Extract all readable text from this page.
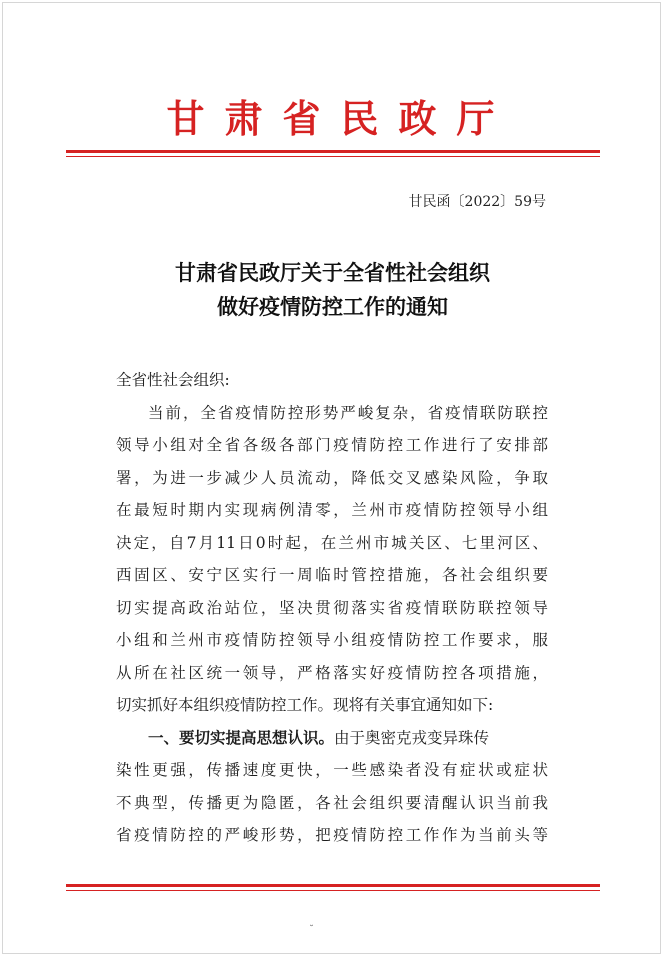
甘肃省民政厅
甘民函〔2022〕59号
甘肃省民政厅关于全省性社会组织
做好疫情防控工作的通知
全省性社会组织:
当前，全省疫情防控形势严峻复杂，省疫情联防联控
领导小组对全省各级各部门疫情防控工作进行了安排部
署，为进一步减少人员流动，降低交叉感染风险，争取
在最短时期内实现病例清零，兰州市疫情防控领导小组
决定，自7月11日0时起，在兰州市城关区、七里河区、
西固区、安宁区实行一周临时管控措施，各社会组织要
切实提高政治站位，坚决贯彻落实省疫情联防联控领导
小组和兰州市疫情防控领导小组疫情防控工作要求，服
从所在社区统一领导，严格落实好疫情防控各项措施，
切实抓好本组织疫情防控工作。现将有关事宜通知如下:
一、要切实提高思想认识。由于奥密克戎变异珠传
染性更强，传播速度更快，一些感染者没有症状或症状
不典型，传播更为隐匿，各社会组织要清醒认识当前我
省疫情防控的严峻形势，把疫情防控工作作为当前头等
˘
